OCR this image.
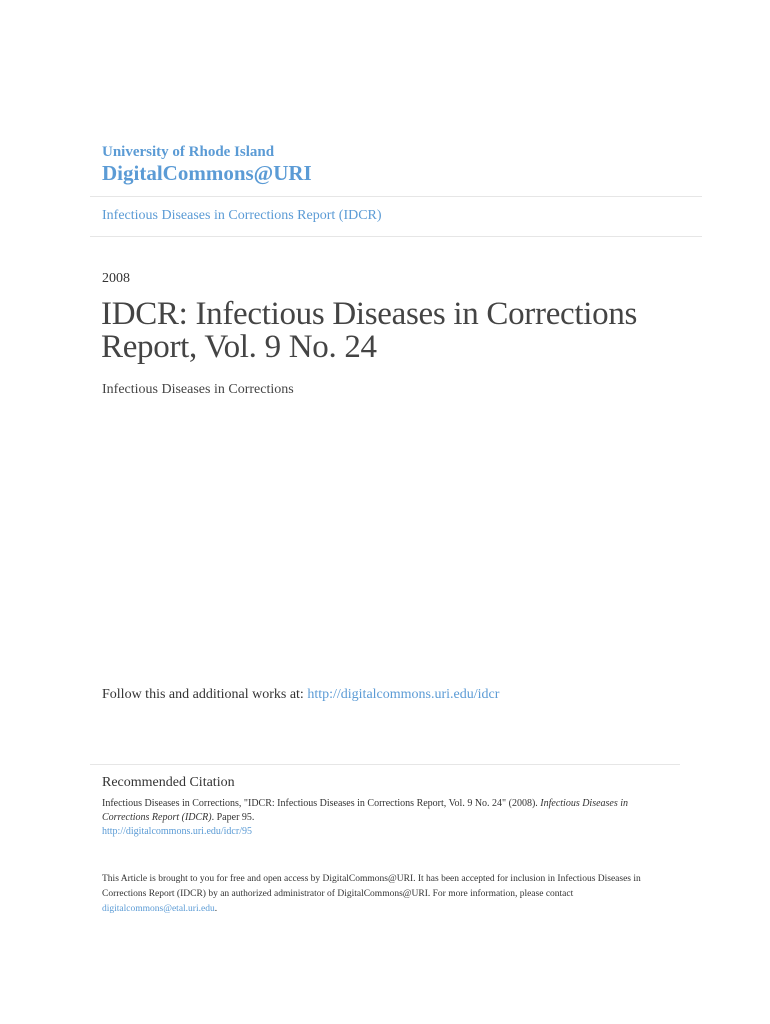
University of Rhode Island
DigitalCommons@URI
Infectious Diseases in Corrections Report (IDCR)
2008
IDCR: Infectious Diseases in Corrections Report, Vol. 9 No. 24
Infectious Diseases in Corrections
Follow this and additional works at: http://digitalcommons.uri.edu/idcr
Recommended Citation
Infectious Diseases in Corrections, "IDCR: Infectious Diseases in Corrections Report, Vol. 9 No. 24" (2008). Infectious Diseases in Corrections Report (IDCR). Paper 95.
http://digitalcommons.uri.edu/idcr/95
This Article is brought to you for free and open access by DigitalCommons@URI. It has been accepted for inclusion in Infectious Diseases in Corrections Report (IDCR) by an authorized administrator of DigitalCommons@URI. For more information, please contact digitalcommons@etal.uri.edu.
